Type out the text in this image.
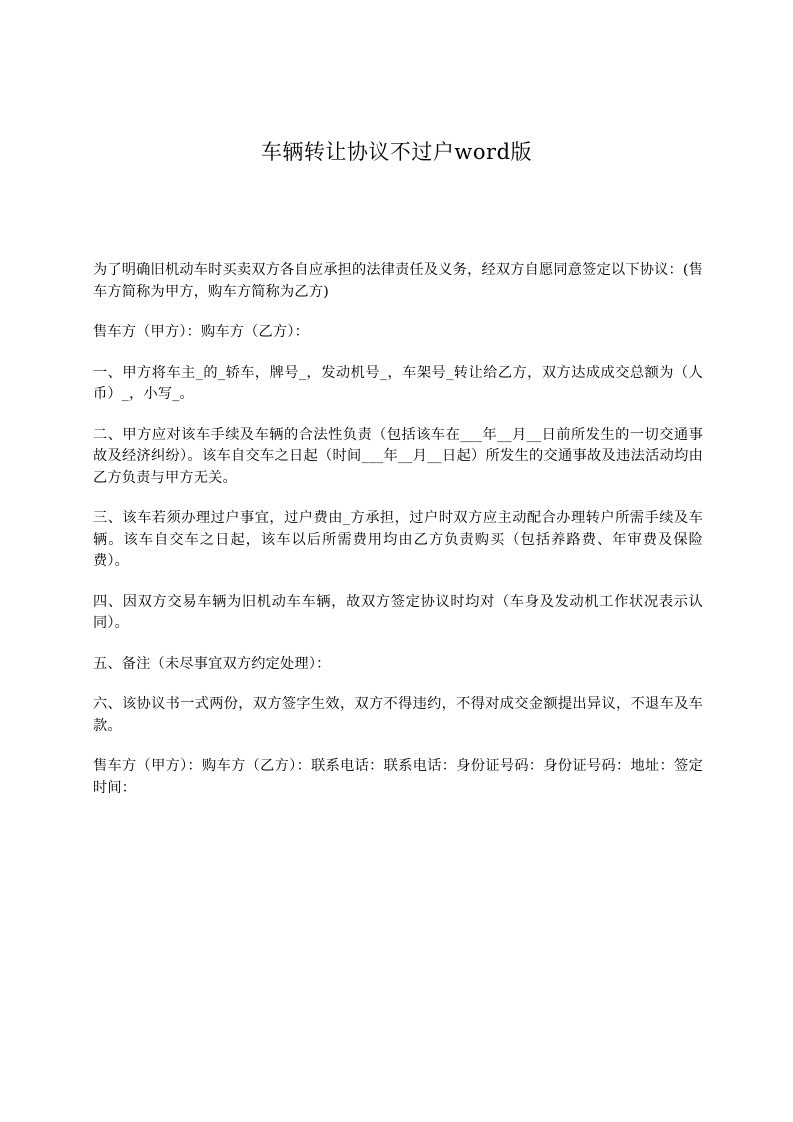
车辆转让协议不过户word版

为了明确旧机动车时买卖双方各自应承担的法律责任及义务，经双方自愿同意签定以下协议：(售车方简称为甲方，购车方简称为乙方)

售车方（甲方）：购车方（乙方）：

一、甲方将车主_的_轿车，牌号_，发动机号_，车架号_转让给乙方，双方达成成交总额为（人币）_，小写_。

二、甲方应对该车手续及车辆的合法性负责（包括该车在___年__月__日前所发生的一切交通事故及经济纠纷）。该车自交车之日起（时间___年__月__日起）所发生的交通事故及违法活动均由乙方负责与甲方无关。

三、该车若须办理过户事宜，过户费由_方承担，过户时双方应主动配合办理转户所需手续及车辆。该车自交车之日起，该车以后所需费用均由乙方负责购买（包括养路费、年审费及保险费）。

四、因双方交易车辆为旧机动车车辆，故双方签定协议时均对（车身及发动机工作状况表示认同）。

五、备注（未尽事宜双方约定处理）：

六、该协议书一式两份，双方签字生效，双方不得违约，不得对成交金额提出异议，不退车及车款。

售车方（甲方）：购车方（乙方）：联系电话：联系电话：身份证号码：身份证号码：地址：签定时间：
